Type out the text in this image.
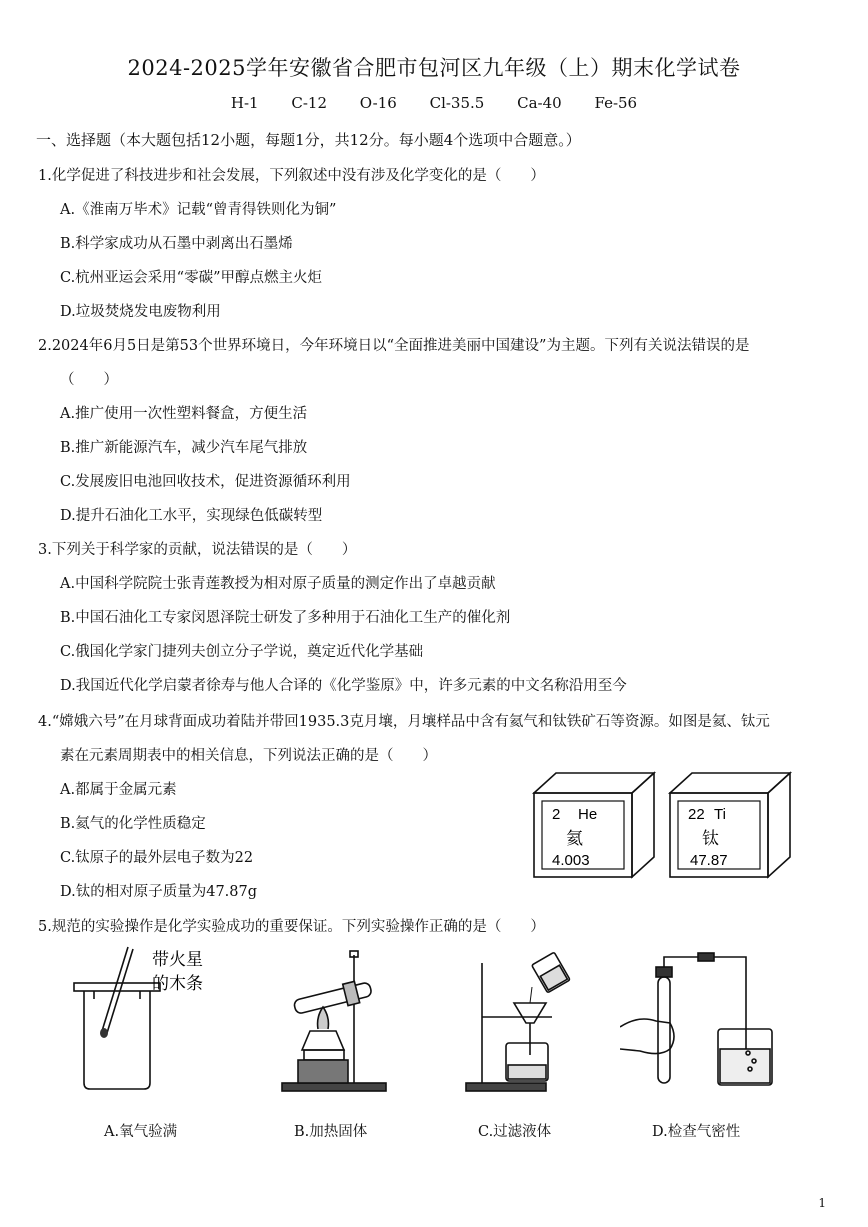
2024-2025学年安徽省合肥市包河区九年级（上）期末化学试卷
H-1 C-12 O-16 Cl-35.5 Ca-40 Fe-56
一、选择题（本大题包括12小题，每题1分，共12分。每小题4个选项中合题意。）
1.化学促进了科技进步和社会发展，下列叙述中没有涉及化学变化的是（　　）
A.《淮南万毕术》记载“曾青得铁则化为铜”
B.科学家成功从石墨中剥离出石墨烯
C.杭州亚运会采用“零碳”甲醇点燃主火炬
D.垃圾焚烧发电废物利用
2.2024年6月5日是第53个世界环境日，今年环境日以“全面推进美丽中国建设”为主题。下列有关说法错误的是
（　　）
A.推广使用一次性塑料餐盒，方便生活
B.推广新能源汽车，减少汽车尾气排放
C.发展废旧电池回收技术，促进资源循环利用
D.提升石油化工水平，实现绿色低碳转型
3.下列关于科学家的贡献，说法错误的是（　　）
A.中国科学院院士张青莲教授为相对原子质量的测定作出了卓越贡献
B.中国石油化工专家闵恩泽院士研发了多种用于石油化工生产的催化剂
C.俄国化学家门捷列夫创立分子学说，奠定近代化学基础
D.我国近代化学启蒙者徐寿与他人合译的《化学鉴原》中，许多元素的中文名称沿用至今
4.“嫦娥六号”在月球背面成功着陆并带回1935.3克月壤，月壤样品中含有氦气和钛铁矿石等资源。如图是氦、钛元
素在元素周期表中的相关信息，下列说法正确的是（　　）
A.都属于金属元素
B.氦气的化学性质稳定
C.钛原子的最外层电子数为22
D.钛的相对原子质量为47.87g
2 He
氦
4.003
22 Ti
钛
47.87
5.规范的实验操作是化学实验成功的重要保证。下列实验操作正确的是（　　）
带火星
的木条
A.氧气验满	B.加热固体	C.过滤液体	D.检查气密性
1
